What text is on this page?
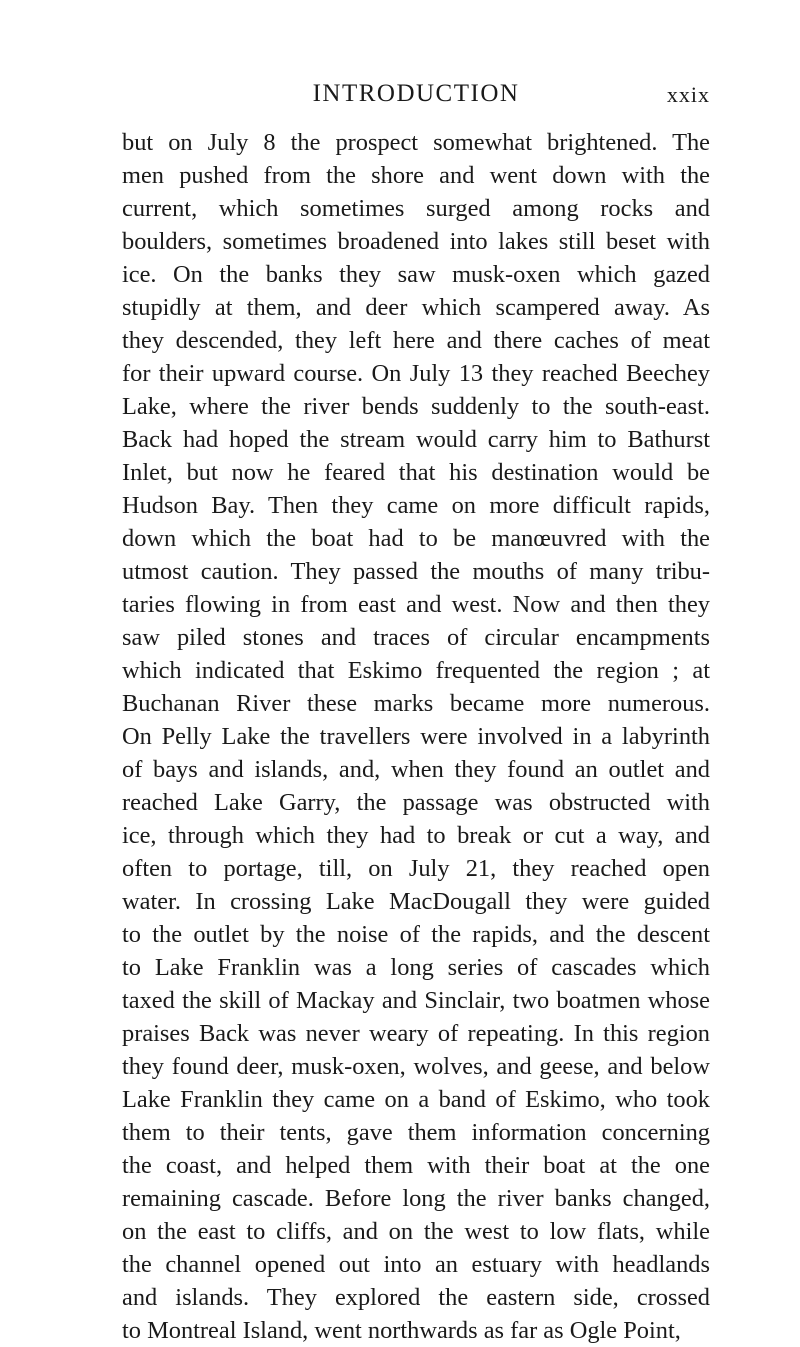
INTRODUCTION	xxix
but on July 8 the prospect somewhat brightened. The
men pushed from the shore and went down with the
current, which sometimes surged among rocks and
boulders, sometimes broadened into lakes still beset with
ice. On the banks they saw musk-oxen which gazed
stupidly at them, and deer which scampered away. As
they descended, they left here and there caches of meat
for their upward course. On July 13 they reached Beechey
Lake, where the river bends suddenly to the south-east.
Back had hoped the stream would carry him to Bathurst
Inlet, but now he feared that his destination would be
Hudson Bay. Then they came on more difficult rapids,
down which the boat had to be manœuvred with the
utmost caution. They passed the mouths of many tribu-
taries flowing in from east and west. Now and then they
saw piled stones and traces of circular encampments
which indicated that Eskimo frequented the region ; at
Buchanan River these marks became more numerous.
On Pelly Lake the travellers were involved in a labyrinth
of bays and islands, and, when they found an outlet and
reached Lake Garry, the passage was obstructed with
ice, through which they had to break or cut a way, and
often to portage, till, on July 21, they reached open
water. In crossing Lake MacDougall they were guided
to the outlet by the noise of the rapids, and the descent
to Lake Franklin was a long series of cascades which
taxed the skill of Mackay and Sinclair, two boatmen whose
praises Back was never weary of repeating. In this region
they found deer, musk-oxen, wolves, and geese, and below
Lake Franklin they came on a band of Eskimo, who took
them to their tents, gave them information concerning
the coast, and helped them with their boat at the one
remaining cascade. Before long the river banks changed,
on the east to cliffs, and on the west to low flats, while
the channel opened out into an estuary with headlands
and islands. They explored the eastern side, crossed
to Montreal Island, went northwards as far as Ogle Point,
